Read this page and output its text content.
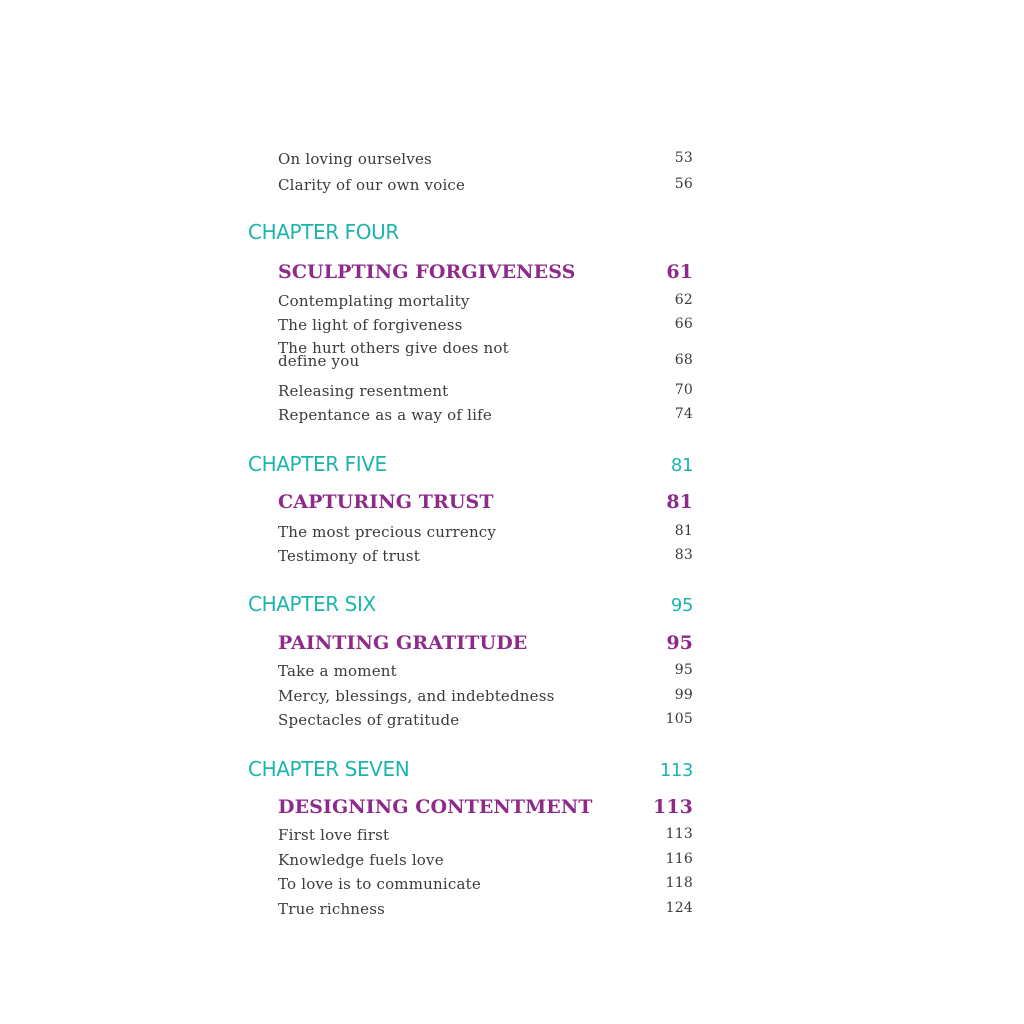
On loving ourselves	53
Clarity of our own voice	56
CHAPTER FOUR
SCULPTING FORGIVENESS	61
Contemplating mortality	62
The light of forgiveness	66
The hurt others give does not
define you	68
Releasing resentment	70
Repentance as a way of life	74
CHAPTER FIVE	81
CAPTURING TRUST	81
The most precious currency	81
Testimony of trust	83
CHAPTER SIX	95
PAINTING GRATITUDE	95
Take a moment	95
Mercy, blessings, and indebtedness	99
Spectacles of gratitude	105
CHAPTER SEVEN	113
DESIGNING CONTENTMENT	113
First love first	113
Knowledge fuels love	116
To love is to communicate	118
True richness	124
